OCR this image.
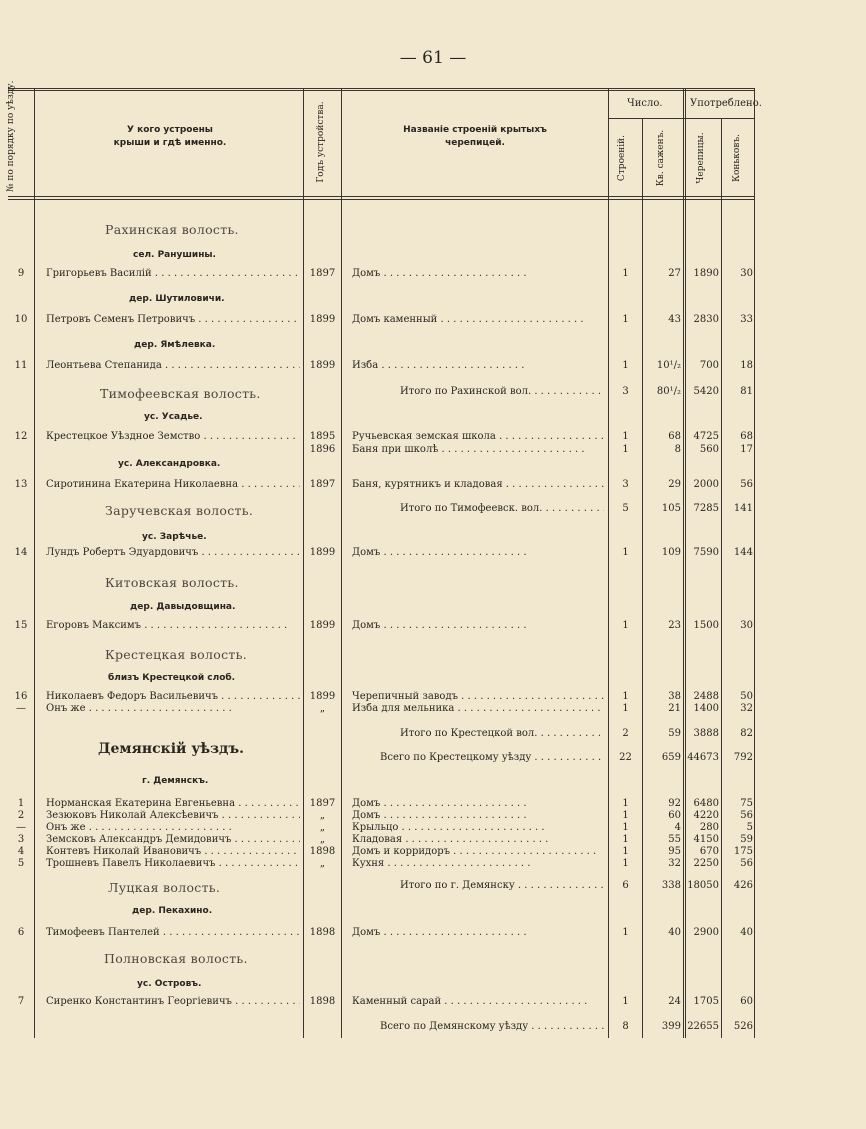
— 61 —
№ по порядку по уѣзду.	У кого устроены крыши и гдѣ именно.	Годъ устройства.	Названіе строеній крытыхъ черепицей.
Число.
Строеній.	Кв. саженъ.
Употреблено.
Черепицы.	Коньковъ.
Рахинская волость.
Тимофеевская волость.
Заручевская волость.
Китовская волость.
Крестецкая волость.
Демянскій уѣздъ.
Луцкая волость.
Полновская волость.
сел. Ранушины.
дер. Шутиловичи.
дер. Ямѣлевка.
ус. Усадье.
ус. Александровка.
ус. Зарѣчье.
дер. Давыдовщина.
близъ Крестецкой слоб.
г. Демянскъ.
дер. Пекахино.
ус. Островъ.
9	Григорьевъ Василій . . .	1897	Домъ . . .	1	27	1890	30
10	Петровъ Семенъ Петровичъ . . .	1899	Домъ каменный . . .	1	43	2830	33
11	Леонтьева Степанида . . .	1899	Изба . . .	1	10¹/₂	700	18
12	Крестецкое Уѣздное Земство . . .	1895	Ручьевская земская школа . . .	1	68	4725	68
1896	Баня при школѣ . . .	1	8	560	17
13	Сиротинина Екатерина Николаевна . . .	1897	Баня, курятникъ и кладовая . . .	3	29	2000	56
14	Лундъ Робертъ Эдуардовичъ . . .	1899	Домъ . . .	1	109	7590	144
15	Егоровъ Максимъ . . .	1899	Домъ . . .	1	23	1500	30
16	Николаевъ Федоръ Васильевичъ . . .	1899	Черепичный заводъ . . .	1	38	2488	50
—	Онъ же . . .	„	Изба для мельника . . .	1	21	1400	32
1	Норманская Екатерина Евгеньевна . . .	1897	Домъ . . .	1	92	6480	75
2	Зезюковъ Николай Алексѣевичъ . . .	„	Домъ . . .	1	60	4220	56
—	Онъ же . . .	„	Крыльцо . . .	1	4	280	5
3	Земсковъ Александръ Демидовичъ . . .	„	Кладовая . . .	1	55	4150	59
4	Контевъ Николай Ивановичъ . . .	1898	Домъ и корридоръ . . .	1	95	670	175
5	Трошневъ Павелъ Николаевичъ . . .	„	Кухня . . .	1	32	2250	56
6	Тимофеевъ Пантелей . . .	1898	Домъ . . .	1	40	2900	40
7	Сиренко Константинъ Георгіевичъ . . .	1898	Каменный сарай . . .	1	24	1705	60
Итого по Рахинской вол. . . .	3	80¹/₂	5420	81
Итого по Тимофеевск. вол. . . .	5	105	7285	141
Итого по Крестецкой вол. . . .	2	59	3888	82
Всего по Крестецкому уѣзду . . .	22	659 44673	792
Итого по г. Демянску . . .	6	338 18050	426
Всего по Демянскому уѣзду . . .	8	399 22655	526
